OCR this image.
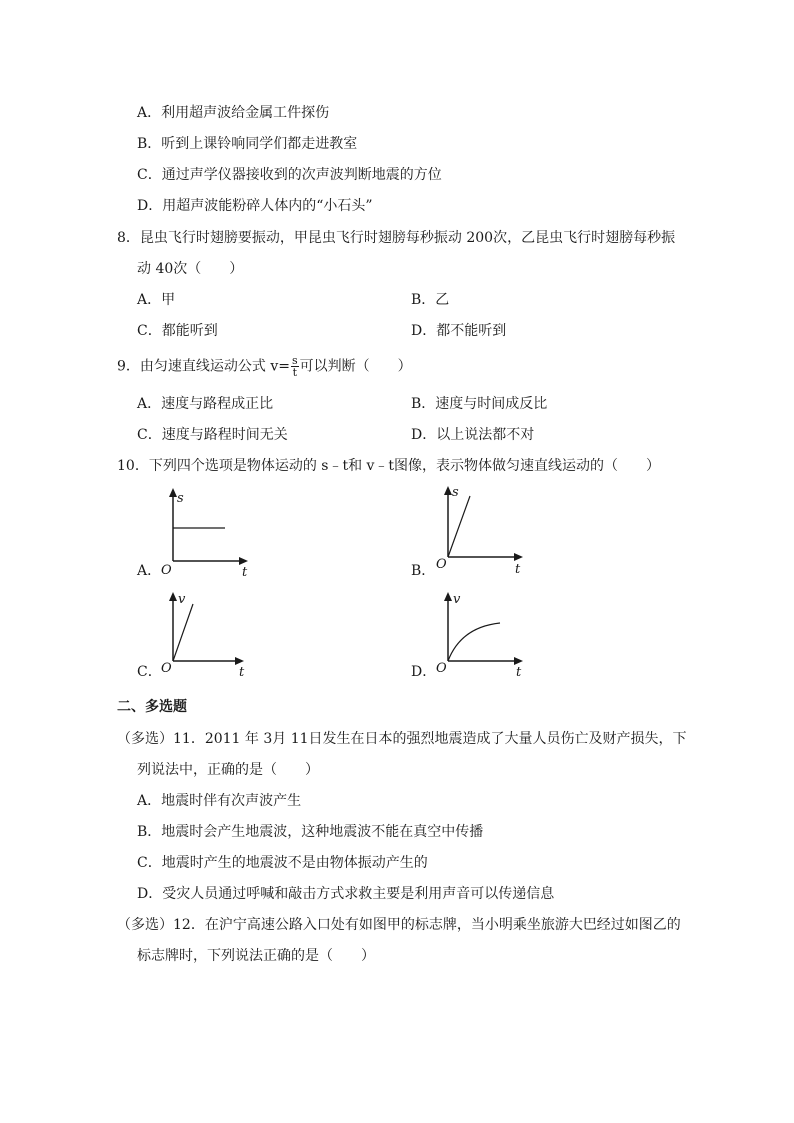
A．利用超声波给金属工件探伤
B．听到上课铃响同学们都走进教室
C．通过声学仪器接收到的次声波判断地震的方位
D．用超声波能粉碎人体内的“小石头”
8．昆虫飞行时翅膀要振动，甲昆虫飞行时翅膀每秒振动 200次，乙昆虫飞行时翅膀每秒振
动 40次（　　）
A．甲	B．乙
C．都能听到	D．都不能听到
9．由匀速直线运动公式 $v= \frac{s}{t}$ 可以判断（　　）
A．速度与路程成正比	B．速度与时间成反比
C．速度与路程时间无关	D．以上说法都不对
10．下列四个选项是物体运动的 s﹣t和 v﹣t图像，表示物体做匀速直线运动的（　　）
A．
s
O	t	B．
s
O	t
C．
v
O	t	D．
v
O	t
二、多选题
（多选）11．2011 年 3月 11日发生在日本的强烈地震造成了大量人员伤亡及财产损失，下
列说法中，正确的是（　　）
A．地震时伴有次声波产生
B．地震时会产生地震波，这种地震波不能在真空中传播
C．地震时产生的地震波不是由物体振动产生的
D．受灾人员通过呼喊和敲击方式求救主要是利用声音可以传递信息
（多选）12．在沪宁高速公路入口处有如图甲的标志牌，当小明乘坐旅游大巴经过如图乙的
标志牌时，下列说法正确的是（　　）
